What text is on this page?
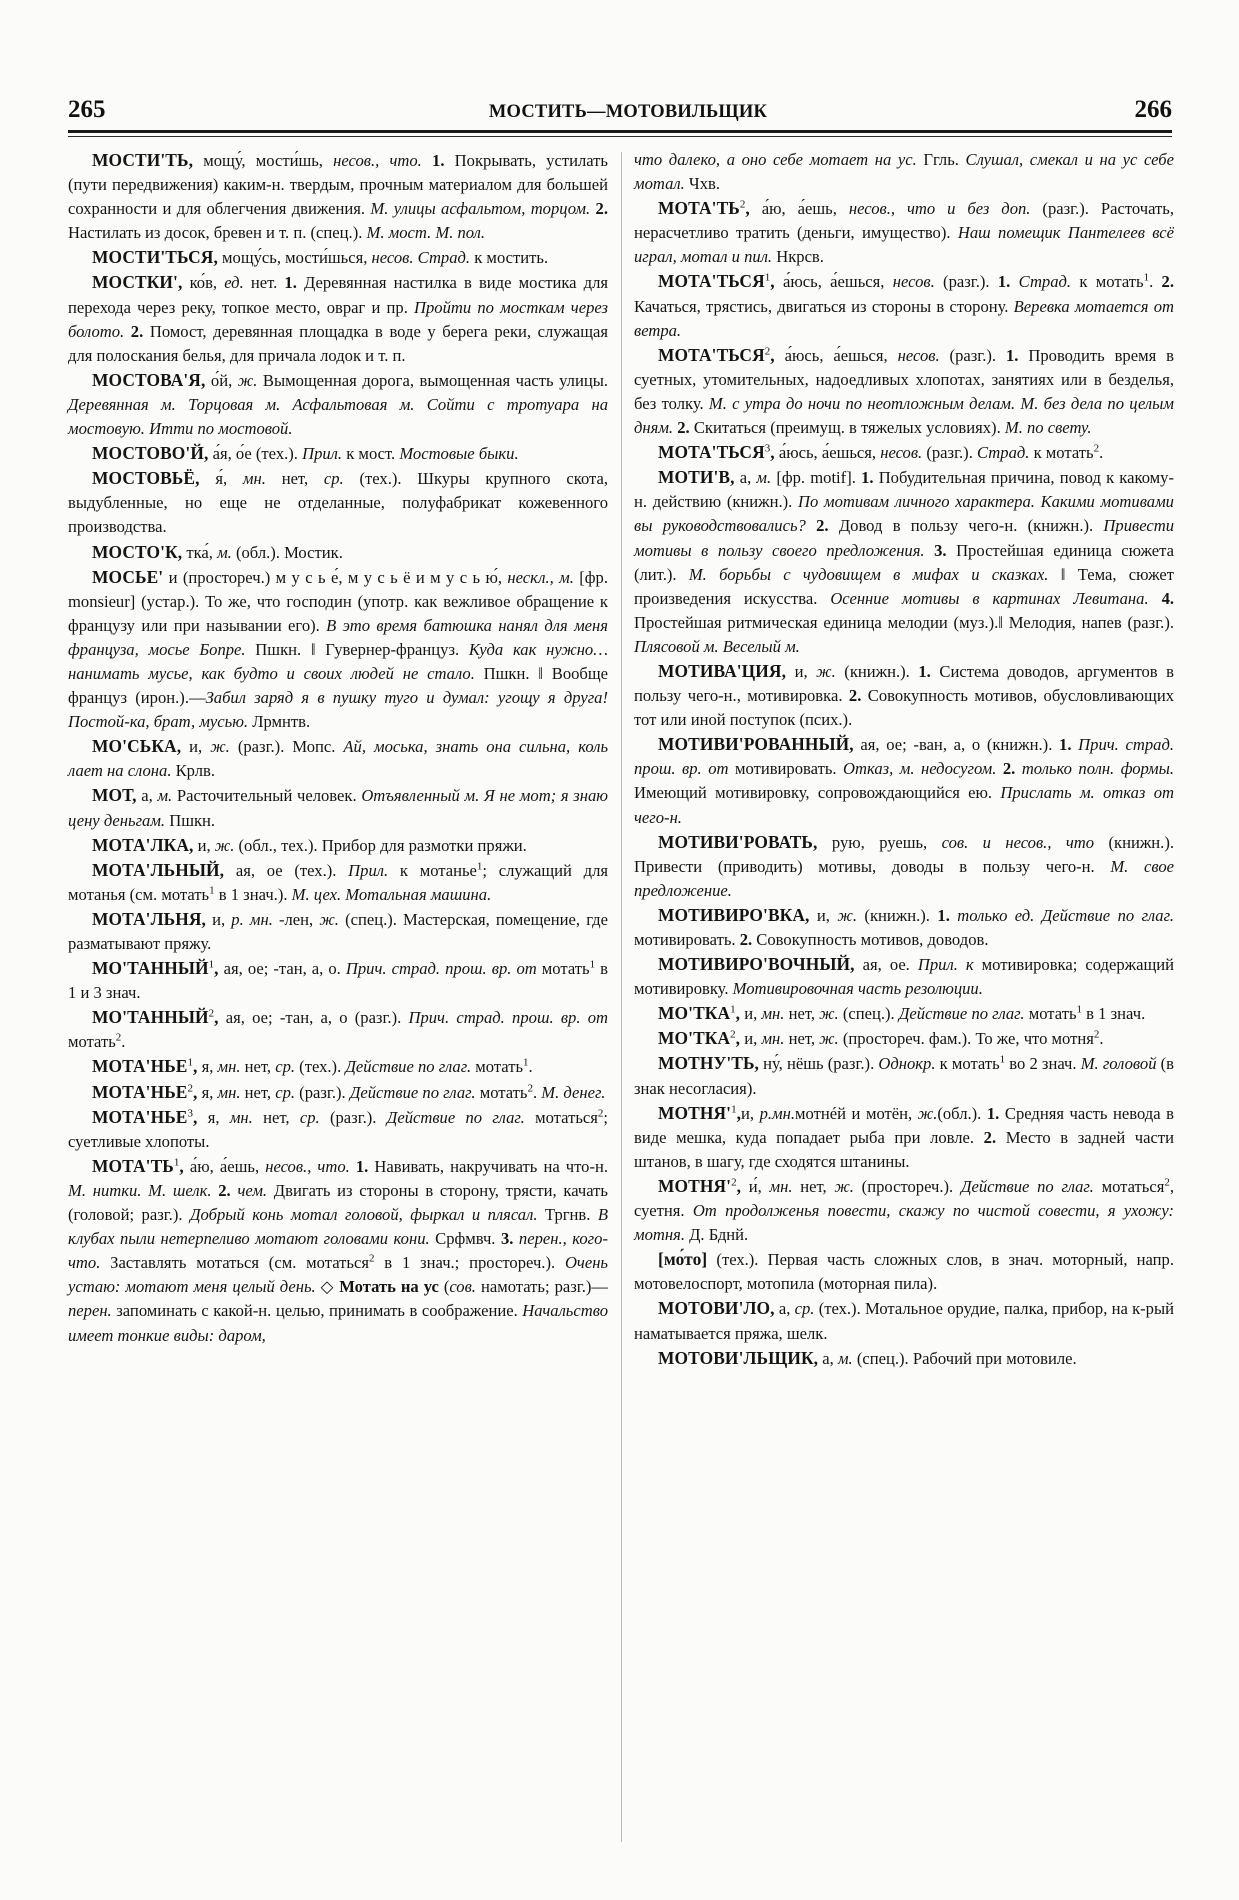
265	МОСТИТЬ—МОТОВИЛЬЩИК	266

МОСТИ'ТЬ, мощу́, мости́шь, несов., что. 1. Покрывать, устилать (пути передвижения) каким-н. твердым, прочным материалом для большей сохранности и для облегчения движения. М. улицы асфальтом, торцом. 2. Настилать из досок, бревен и т. п. (спец.). М. мост. М. пол.

МОСТИ'ТЬСЯ, мощу́сь, мости́шься, несов. Страд. к мостить.

МОСТКИ', ко́в, ед. нет. 1. Деревянная настилка в виде мостика для перехода через реку, топкое место, овраг и пр. Пройти по мосткам через болото. 2. Помост, деревянная площадка в воде у берега реки, служащая для полоскания белья, для причала лодок и т. п.

МОСТОВА'Я, о́й, ж. Вымощенная дорога, вымощенная часть улицы. Деревянная м. Торцовая м. Асфальтовая м. Сойти с тротуара на мостовую. Итти по мостовой.

МОСТОВО'Й, а́я, о́е (тех.). Прил. к мост. Мостовые быки.

МОСТОВЬЁ, я́, мн. нет, ср. (тех.). Шкуры крупного скота, выдубленные, но еще не отделанные, полуфабрикат кожевенного производства.

МОСТО'К, тка́, м. (обл.). Мостик.

МОСЬЕ' и (простореч.) м у с ь е́, м у с ь ё и м у с ь ю́, нескл., м. [фр. monsieur] (устар.). То же, что господин (употр. как вежливое обращение к французу или при назывании его). В это время батюшка нанял для меня француза, мосье Бопре. Пшкн. ‖ Гувернер-француз. Куда как нужно… нанимать мусье, как будто и своих людей не стало. Пшкн. ‖ Вообще француз (ирон.).—Забил заряд я в пушку туго и думал: угощу я друга! Постой-ка, брат, мусью. Лрмнтв.

МО'СЬКА, и, ж. (разг.). Мопс. Ай, моська, знать она сильна, коль лает на слона. Крлв.

МОТ, а, м. Расточительный человек. Отъявленный м. Я не мот; я знаю цену деньгам. Пшкн.

МОТА'ЛКА, и, ж. (обл., тех.). Прибор для размотки пряжи.

МОТА'ЛЬНЫЙ, ая, ое (тех.). Прил. к мотанье$^1$; служащий для мотанья (см. мотать$^1$ в 1 знач.). М. цех. Мотальная машина.

МОТА'ЛЬНЯ, и, р. мн. -лен, ж. (спец.). Мастерская, помещение, где разматывают пряжу.

МО'ТАННЫЙ$^1$, ая, ое; -тан, а, о. Прич. страд. прош. вр. от мотать$^1$ в 1 и 3 знач.

МО'ТАННЫЙ$^2$, ая, ое; -тан, а, о (разг.). Прич. страд. прош. вр. от мотать$^2$.

МОТА'НЬЕ$^1$, я, мн. нет, ср. (тех.). Действие по глаг. мотать$^1$.

МОТА'НЬЕ$^2$, я, мн. нет, ср. (разг.). Действие по глаг. мотать$^2$. М. денег.

МОТА'НЬЕ$^3$, я, мн. нет, ср. (разг.). Действие по глаг. мотаться$^2$; суетливые хлопоты.

$МОТА'ТЬ^1$, а́ю, а́ешь, несов., что. 1. Навивать, накручивать на что-н. М. нитки. М. шелк. 2. чем. Двигать из стороны в сторону, трясти, качать (головой; разг.). Добрый конь мотал головой, фыркал и плясал. Тргнв. В клубах пыли нетерпеливо мотают головами кони. Срфмвч. 3. перен., кого-что. Заставлять мотаться (см. мотаться$^2$ в 1 знач.; простореч.). Очень устаю: мотают меня целый день. ◇ Мотать на ус (сов. намотать; разг.)—перен. запоминать с какой-н. целью, принимать в соображение. Начальство имеет тонкие виды: даром,

что далеко, а оно себе мотает на ус. Ггль. Слушал, смекал и на ус себе мотал. Чхв.

$МОТА'ТЬ^2$, а́ю, а́ешь, несов., что и без доп. (разг.). Расточать, нерасчетливо тратить (деньги, имущество). Наш помещик Пантелеев всё играл, мотал и пил. Нкрсв.

МОТА'ТЬСЯ$^1$, а́юсь, а́ешься, несов. (разг.). 1. Страд. к мотать$^1$. 2. Качаться, трястись, двигаться из стороны в сторону. Веревка мотается от ветра.

МОТА'ТЬСЯ$^2$, а́юсь, а́ешься, несов. (разг.). 1. Проводить время в суетных, утомительных, надоедливых хлопотах, занятиях или в безделья, без толку. М. с утра до ночи по неотложным делам. М. без дела по целым дням. 2. Скитаться (преимущ. в тяжелых условиях). М. по свету.

МОТА'ТЬСЯ$^3$, а́юсь, а́ешься, несов. (разг.). Страд. к мотать$^2$.

МОТИ'В, а, м. [фр. motif]. 1. Побудительная причина, повод к какому-н. действию (книжн.). По мотивам личного характера. Какими мотивами вы руководствовались? 2. Довод в пользу чего-н. (книжн.). Привести мотивы в пользу своего предложения. 3. Простейшая единица сюжета (лит.). М. борьбы с чудовищем в мифах и сказках. ‖ Тема, сюжет произведения искусства. Осенние мотивы в картинах Левитана. 4. Простейшая ритмическая единица мелодии (муз.).‖ Мелодия, напев (разг.). Плясовой м. Веселый м.

МОТИВА'ЦИЯ, и, ж. (книжн.). 1. Система доводов, аргументов в пользу чего-н., мотивировка. 2. Совокупность мотивов, обусловливающих тот или иной поступок (псих.).

МОТИВИ'РОВАННЫЙ, ая, ое; -ван, а, о (книжн.). 1. Прич. страд. прош. вр. от мотивировать. Отказ, м. недосугом. 2. только полн. формы. Имеющий мотивировку, сопровождающийся ею. Прислать м. отказ от чего-н.

МОТИВИ'РОВАТЬ, рую, руешь, сов. и несов., что (книжн.). Привести (приводить) мотивы, доводы в пользу чего-н. М. свое предложение.

МОТИВИРО'ВКА, и, ж. (книжн.). 1. только ед. Действие по глаг. мотивировать. 2. Совокупность мотивов, доводов.

МОТИВИРО'ВОЧНЫЙ, ая, ое. Прил. к мотивировка; содержащий мотивировку. Мотивировочная часть резолюции.

МО'ТКА$^1$, и, мн. нет, ж. (спец.). Действие по глаг. мотать$^1$ в 1 знач.

МО'ТКА$^2$, и, мн. нет, ж. (простореч. фам.). То же, что мотня$^2$.

МОТНУ'ТЬ, ну́, нёшь (разг.). Однокр. к мотать$^1$ во 2 знач. М. головой (в знак несогласия).

$МОТНЯ'^1,и$, р.мн.мотнéй и мотён, ж.(обл.). 1. Средняя часть невода в виде мешка, куда попадает рыба при ловле. 2. Место в задней части штанов, в шагу, где сходятся штанины.

$МОТНЯ'^2$, и́, мн. нет, ж. (простореч.). Действие по глаг. мотаться$^2$, суетня. От продолженья повести, скажу по чистой совести, я ухожу: мотня. Д. Бднй.

[мо́то] (тех.). Первая часть сложных слов, в знач. моторный, напр. мотовелоспорт, мотопила (моторная пила).

МОТОВИ'ЛО, а, ср. (тех.). Мотальное орудие, палка, прибор, на к-рый наматывается пряжа, шелк.

МОТОВИ'ЛЬЩИК, а, м. (спец.). Рабочий при мотовиле.
